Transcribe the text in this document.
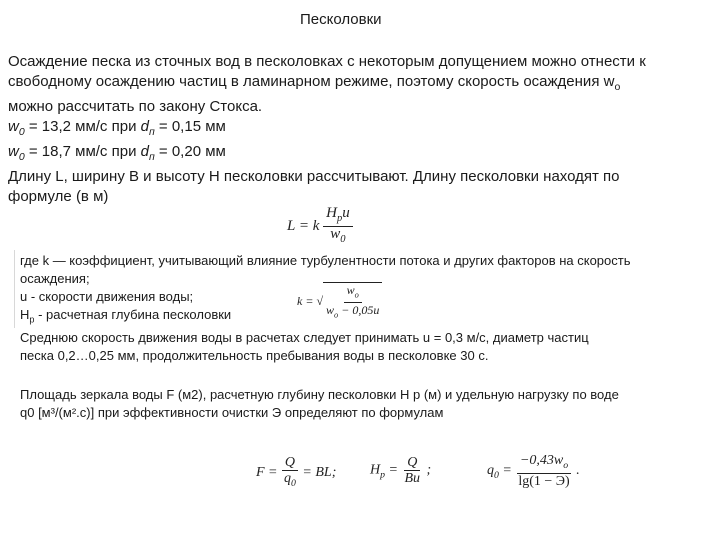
Песколовки
Осаждение песка из сточных вод в песколовках с некоторым допущением можно отнести к
свободному осаждению частиц в ламинарном режиме, поэтому скорость осаждения $w_o$
можно рассчитать по закону Стокса.
$w_0 = 13,2$ мм/с при $d_п = 0,15$ мм
$w_0 = 18,7$ мм/с при $d_п = 0,20$ мм
Длину L, ширину B и высоту H песколовки рассчитывают. Длину песколовки находят по
формуле (в м)
L = k $\frac{H_pu}{w_0}$
где k — коэффициент, учитывающий влияние турбулентности потока и других факторов на скорость
осаждения;
u - скорости движения воды;
$H_p$ - расчетная глубина песколовки
Среднюю скорость движения воды в расчетах следует принимать u = 0,3 м/с, диаметр частиц
песка 0,2…0,25 мм, продолжительность пребывания воды в песколовке 30 с.
k = √ $\frac{w_o}{w_o - 0,05u}$
Площадь зеркала воды F (м2), расчетную глубину песколовки H р (м) и удельную нагрузку по воде
q0 [м³/(м².с)] при эффективности очистки Э определяют по формулам
$F = \frac{Q}{q_0}$ = BL; $H_p = \frac{Q}{Bu}$ ;	$q_0 = \frac{-0,43w_o}{\lg(1 - Э)}$ .
